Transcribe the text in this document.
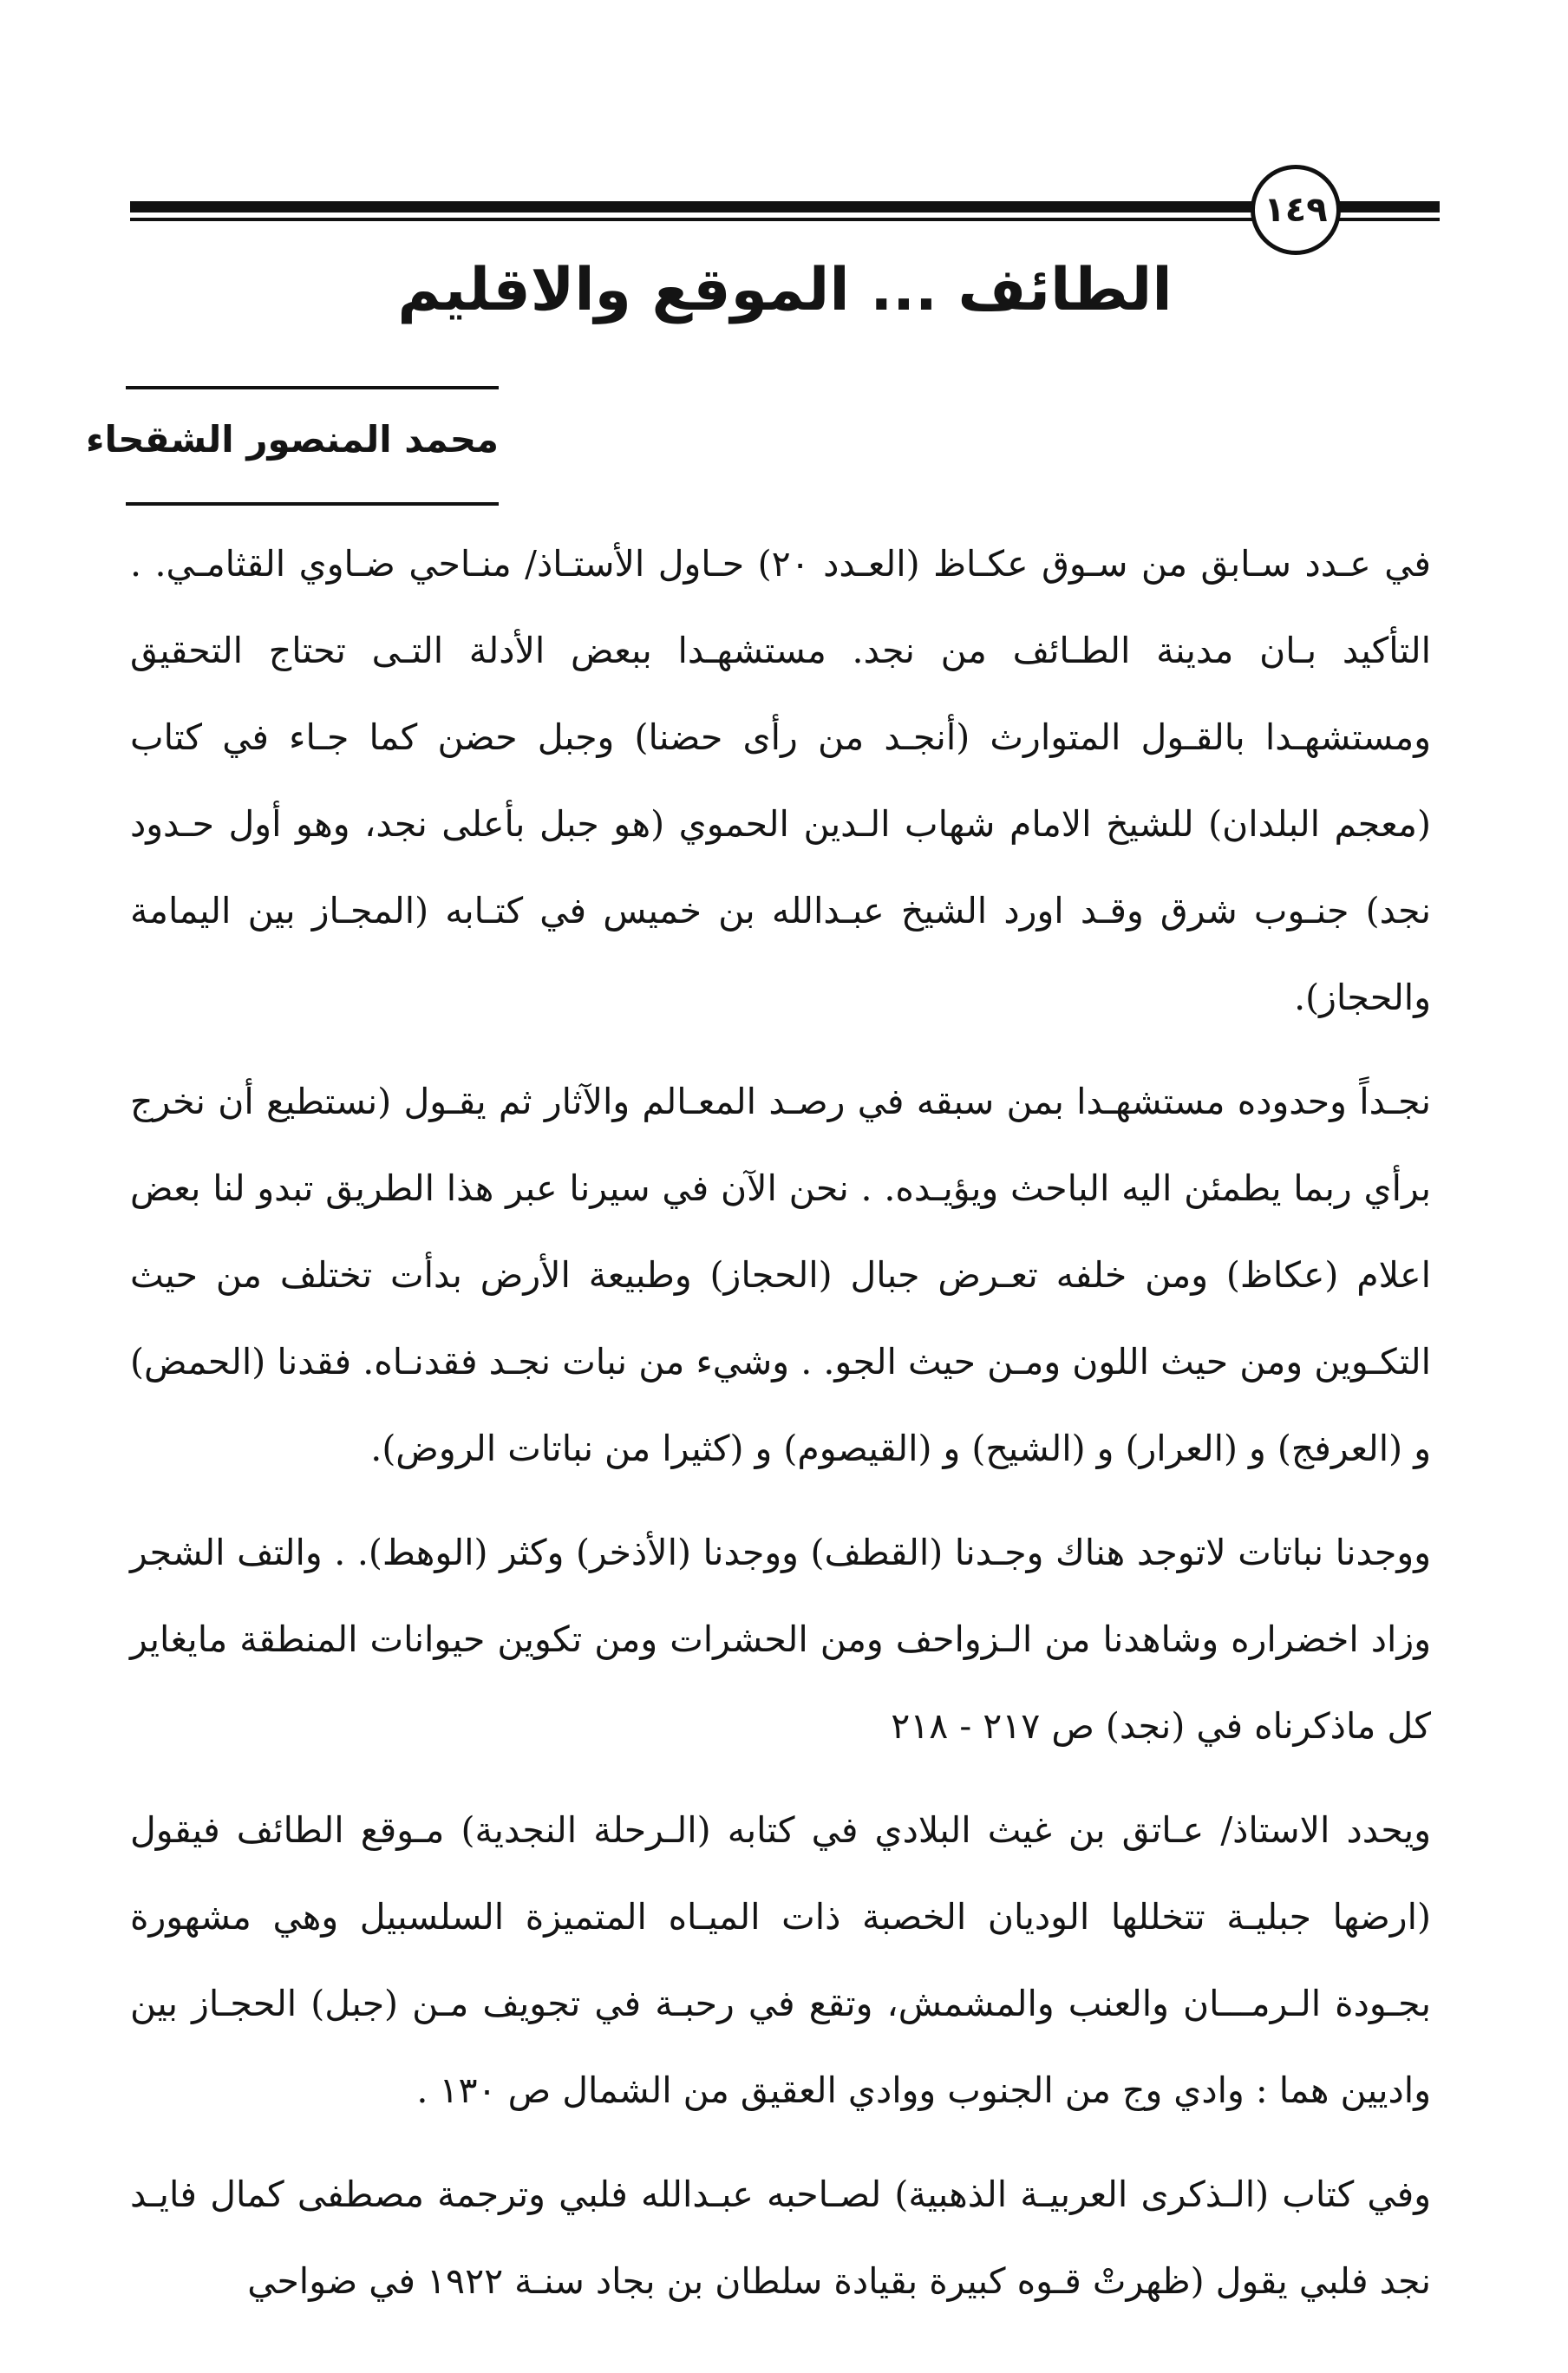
١٤٩
الطائف ... الموقع والاقليم
محمد المنصور الشقحاء

في عـدد سـابق من سـوق عكـاظ (العـدد ٢٠) حـاول الأستـاذ/ منـاحي ضـاوي القثامـي. . التأكيد بـان مدينة الطـائف من نجد. مستشهـدا ببعض الأدلة التـى تحتاج التحقيق ومستشهـدا بالقـول المتوارث (أنجـد من رأى حضنا) وجبل حضن كما جـاء في كتاب (معجم البلدان) للشيخ الامام شهاب الـدين الحموي (هو جبل بأعلى نجد، وهو أول حـدود نجد) جنـوب شرق وقـد اورد الشيخ عبـدالله بن خميس في كتـابه (المجـاز بين اليمامة والحجاز).

نجـداً وحدوده مستشهـدا بمن سبقه في رصـد المعـالم والآثار ثم يقـول (نستطيع أن نخرج برأي ربما يطمئن اليه الباحث ويؤيـده. . نحن الآن في سيرنا عبر هذا الطريق تبدو لنا بعض اعلام (عكاظ) ومن خلفه تعـرض جبال (الحجاز) وطبيعة الأرض بدأت تختلف من حيث التكـوين ومن حيث اللون ومـن حيث الجو. . وشيء من نبات نجـد فقدنـاه. فقدنا (الحمض) و (العرفج) و (العرار) و (الشيح) و (القيصوم) و (كثيرا من نباتات الروض).

ووجدنا نباتات لاتوجد هناك وجـدنا (القطف) ووجدنا (الأذخر) وكثر (الوهط). . والتف الشجر وزاد اخضراره وشاهدنا من الـزواحف ومن الحشرات ومن تكوين حيوانات المنطقة مايغاير كل ماذكرناه في (نجد) ص ٢١٧ - ٢١٨

ويحدد الاستاذ/ عـاتق بن غيث البلادي في كتابه (الـرحلة النجدية) مـوقع الطائف فيقول (ارضها جبليـة تتخللها الوديان الخصبة ذات الميـاه المتميزة السلسبيل وهي مشهورة بجـودة الـرمـــان والعنب والمشمش، وتقع في رحبـة في تجويف مـن (جبل) الحجـاز بين واديين هما : وادي وج من الجنوب ووادي العقيق من الشمال ص ١٣٠ .

وفي كتاب (الـذكرى العربيـة الذهبية) لصـاحبه عبـدالله فلبي وترجمة مصطفى كمال فايـد نجد فلبي يقول (ظهرتْ قـوه كبيرة بقيادة سلطان بن بجاد سنـة ١٩٢٢ في ضواحي
